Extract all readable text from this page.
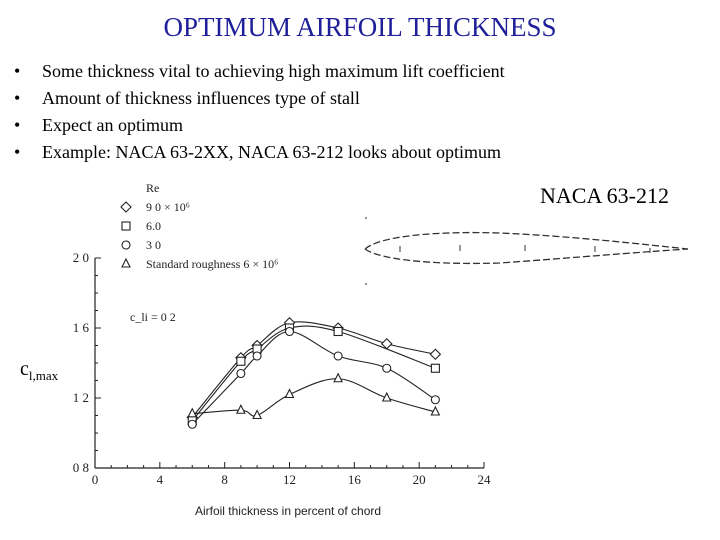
OPTIMUM AIRFOIL THICKNESS
•	Some thickness vital to achieving high maximum lift coefficient
•	Amount of thickness influences type of stall
•	Expect an optimum
•	Example: NACA 63-2XX, NACA 63-212 looks about optimum
NACA 63-212
0	4	8	12	16	20	24
0 8
1 2
1 6
2 0
9 0 × 10⁶
6.0
3 0
Standard roughness 6 × 10⁶
Re
c_li = 0 2
Airfoil thickness in percent of chord
$c_{l,max}$
